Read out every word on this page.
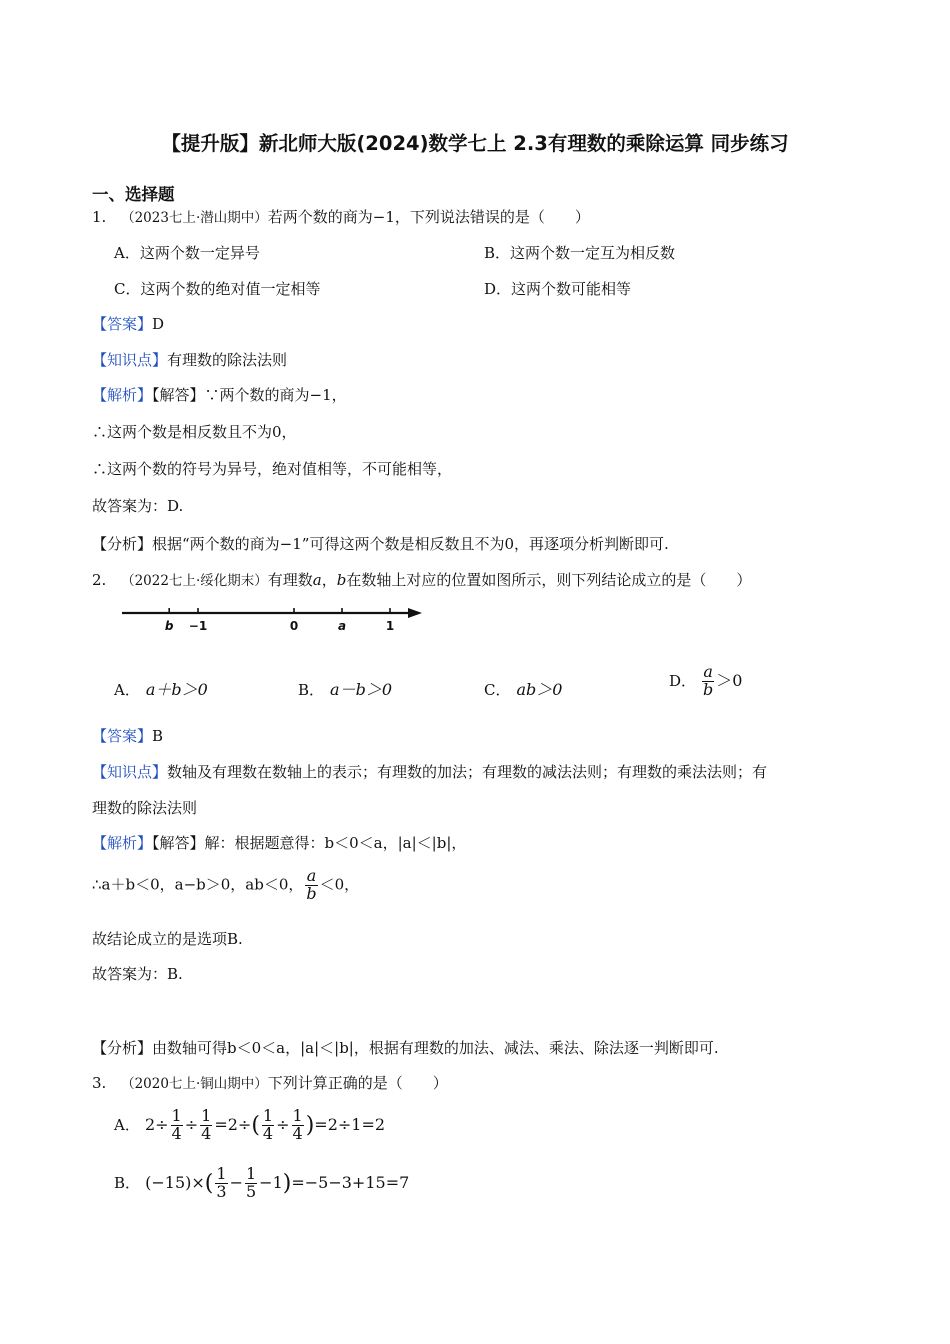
【提升版】新北师大版(2024)数学七上 2.3有理数的乘除运算 同步练习
一、选择题
1. （2023七上·潜山期中）若两个数的商为−1，下列说法错误的是（　　）
A．这两个数一定异号	B．这两个数一定互为相反数
C．这两个数的绝对值一定相等	D．这两个数可能相等
【答案】D
【知识点】有理数的除法法则
【解析】【解答】∵两个数的商为−1，
∴这两个数是相反数且不为0，
∴这两个数的符号为异号，绝对值相等，不可能相等，
故答案为：D.
【分析】根据“两个数的商为−1”可得这两个数是相反数且不为0，再逐项分析判断即可.
2. （2022七上·绥化期末）有理数a，b在数轴上对应的位置如图所示，则下列结论成立的是（　　）
b −1	0	a	1
A． a＋b＞0	B． a－b＞0	C． ab＞0	D． $\frac{a}{b} >0$
【答案】B
【知识点】数轴及有理数在数轴上的表示；有理数的加法；有理数的减法法则；有理数的乘法法则；有
理数的除法法则
【解析】【解答】解：根据题意得：b＜0＜a，|a|＜|b|，
∴a＋b＜0，a−b＞0，ab＜0， $\frac{a}{b} <0$，
故结论成立的是选项B.
故答案为：B.
【分析】由数轴可得b＜0＜a，|a|＜|b|，根据有理数的加法、减法、乘法、除法逐一判断即可.
3. （2020七上·铜山期中）下列计算正确的是（　　）
A． $2\div \frac{1}{4} \div \frac{1}{4} =2\div( \frac{1}{4} \div \frac{1}{4} )=2\div 1=2$
B． $(-15)\times( \frac{1}{3} - \frac{1}{5} -1)=-5-3+15=7$
